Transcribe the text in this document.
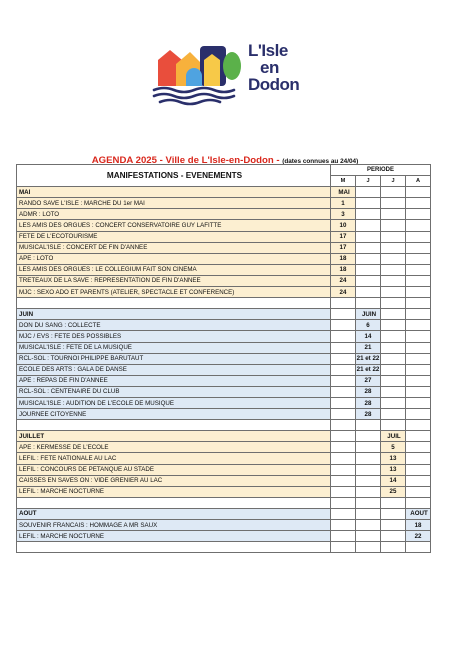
L'Isle
en
Dodon
AGENDA 2025 - Ville de L'Isle-en-Dodon - (dates connues au 24/04)
MANIFESTATIONS - EVENEMENTS	PERIODE			
	M	J	J	A
MAI	MAI			
RANDO SAVE L'ISLE : MARCHE DU 1er MAI	1			
ADMR : LOTO	3			
LES AMIS DES ORGUES : CONCERT CONSERVATOIRE GUY LAFITTE	10			
FETE DE L'ECOTOURISME	17			
MUSICAL'ISLE : CONCERT DE FIN D'ANNEE	17			
APE : LOTO	18			
LES AMIS DES ORGUES : LE COLLEGIUM FAIT SON CINEMA	18			
TRETEAUX DE LA SAVE : REPRESENTATION DE FIN D'ANNEE	24			
MJC : SEXO ADO ET PARENTS (ATELIER, SPECTACLE ET CONFERENCE)	24			

JUIN		JUIN		
DON DU SANG : COLLECTE		6		
MJC / EVS : FETE DES POSSIBLES		14		
MUSICAL'ISLE : FETE DE LA MUSIQUE		21		
RCL-SOL : TOURNOI PHILIPPE BARUTAUT		21 et 22		
ECOLE DES ARTS : GALA DE DANSE		21 et 22		
APE : REPAS DE FIN D'ANNEE		27		
RCL-SOL : CENTENAIRE DU CLUB		28		
MUSICAL'ISLE : AUDITION DE L'ECOLE DE MUSIQUE		28		
JOURNEE CITOYENNE		28		

JUILLET			JUIL	
APE : KERMESSE DE L'ECOLE			5	
LEFIL : FETE NATIONALE AU LAC			13	
LEFIL : CONCOURS DE PETANQUE AU STADE			13	
CAISSES EN SAVES ON : VIDE GRENIER AU LAC			14	
LEFIL : MARCHE NOCTURNE			25	

AOUT				AOUT
SOUVENIR FRANCAIS : HOMMAGE A MR SAUX				18
LEFIL : MARCHE NOCTURNE				22
